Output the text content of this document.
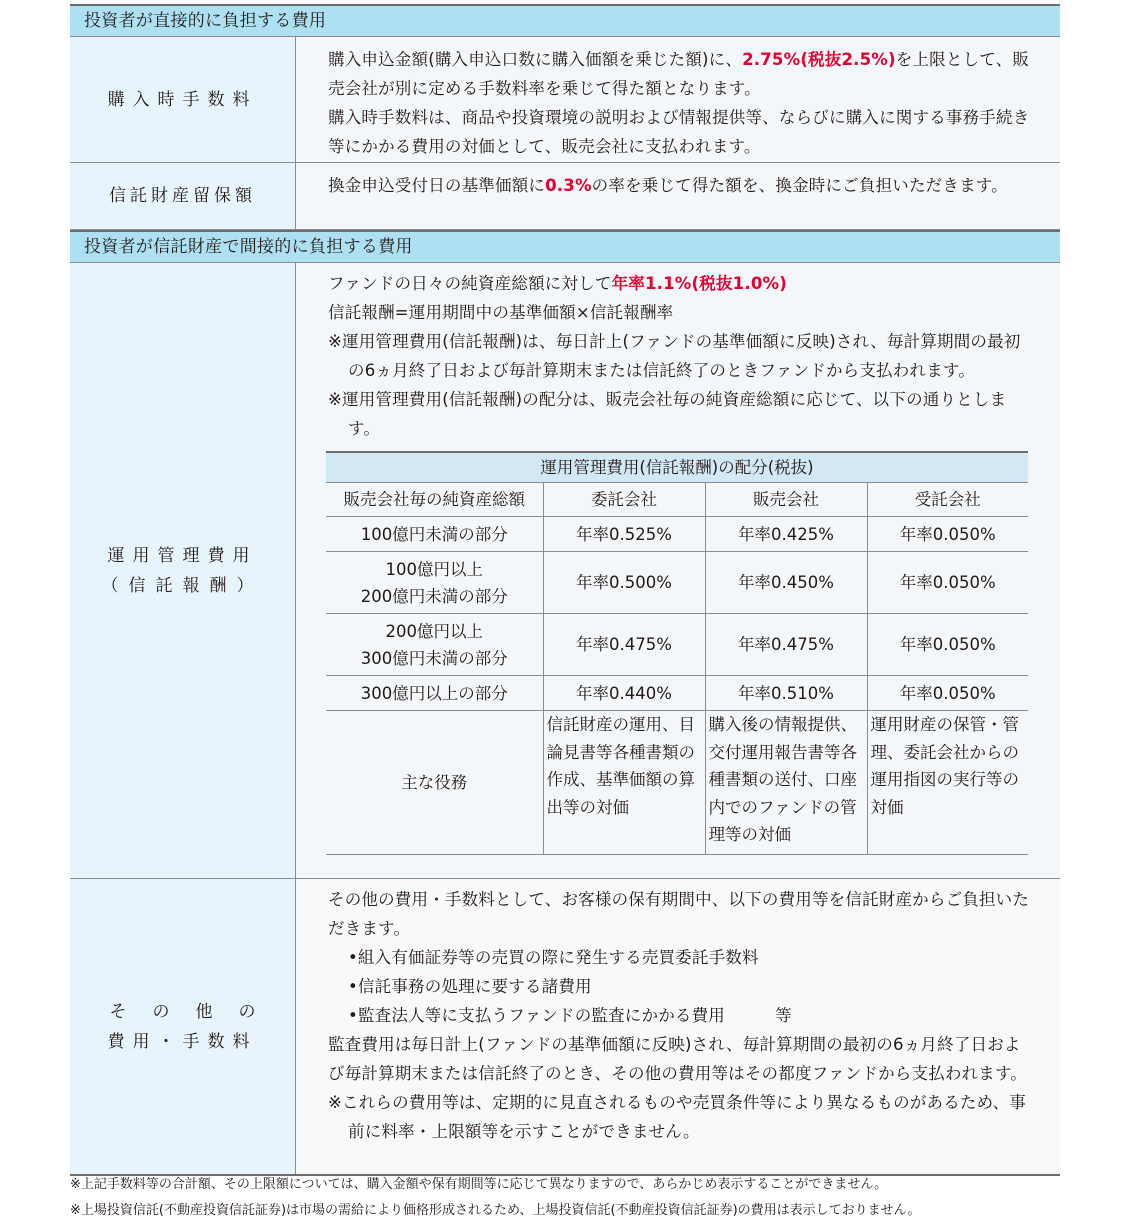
投資者が直接的に負担する費用
購入時手数料

購入申込金額(購入申込口数に購入価額を乗じた額)に、2.75%(税抜2.5%)を上限として、販売会社が別に定める手数料率を乗じて得た額となります。

購入時手数料は、商品や投資環境の説明および情報提供等、ならびに購入に関する事務手続き等にかかる費用の対価として、販売会社に支払われます。

信託財産留保額

換金申込受付日の基準価額に0.3%の率を乗じて得た額を、換金時にご負担いただきます。

投資者が信託財産で間接的に負担する費用
運用管理費用
（信託報酬）

ファンドの日々の純資産総額に対して年率1.1%(税抜1.0%)

信託報酬=運用期間中の基準価額×信託報酬率

※運用管理費用(信託報酬)は、毎日計上(ファンドの基準価額に反映)され、毎計算期間の最初の6ヵ月終了日および毎計算期末または信託終了のときファンドから支払われます。

※運用管理費用(信託報酬)の配分は、販売会社毎の純資産総額に応じて、以下の通りとします。

運用管理費用(信託報酬)の配分(税抜)			
販売会社毎の純資産総額	委託会社	販売会社	受託会社
100億円未満の部分	年率0.525%	年率0.425%	年率0.050%
100億円以上
200億円未満の部分	年率0.500%	年率0.450%	年率0.050%
200億円以上
300億円未満の部分	年率0.475%	年率0.475%	年率0.050%
300億円以上の部分	年率0.440%	年率0.510%	年率0.050%
主な役務	信託財産の運用、目論見書等各種書類の作成、基準価額の算出等の対価	購入後の情報提供、交付運用報告書等各種書類の送付、口座内でのファンドの管理等の対価	運用財産の保管・管理、委託会社からの運用指図の実行等の対価
その他の
費用・手数料

その他の費用・手数料として、お客様の保有期間中、以下の費用等を信託財産からご負担いただきます。

•組入有価証券等の売買の際に発生する売買委託手数料

•信託事務の処理に要する諸費用

•監査法人等に支払うファンドの監査にかかる費用　　　等

監査費用は毎日計上(ファンドの基準価額に反映)され、毎計算期間の最初の6ヵ月終了日および毎計算期末または信託終了のとき、その他の費用等はその都度ファンドから支払われます。

※これらの費用等は、定期的に見直されるものや売買条件等により異なるものがあるため、事前に料率・上限額等を示すことができません。

※上記手数料等の合計額、その上限額については、購入金額や保有期間等に応じて異なりますので、あらかじめ表示することができません。

※上場投資信託(不動産投資信託証券)は市場の需給により価格形成されるため、上場投資信託(不動産投資信託証券)の費用は表示しておりません。
